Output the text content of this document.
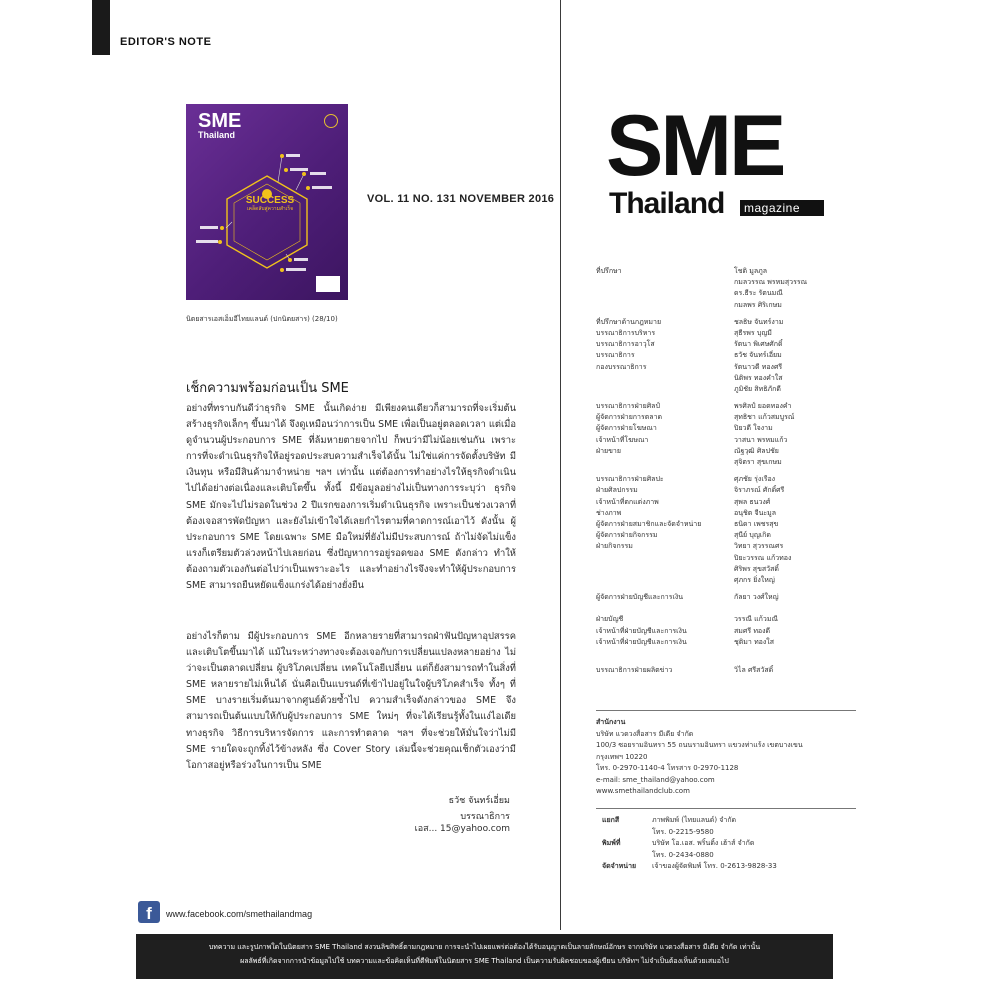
EDITOR'S NOTE
SME
Thailand
SUCCESS
เคล็ดลับสู่ความสำเร็จ
นิตยสารเอสเอ็มอีไทยแลนด์ (ปกนิตยสาร) (28/10)
VOL. 11 NO. 131 NOVEMBER 2016
เช็กความพร้อมก่อนเป็น SME
อย่างที่ทราบกันดีว่าธุรกิจ SME นั้นเกิดง่าย มีเพียงคนเดียวก็สามารถที่จะเริ่มต้นสร้างธุรกิจเล็กๆ ขึ้นมาได้ จึงดูเหมือนว่าการเป็น SME เพื่อเป็นอยู่ตลอดเวลา แต่เมื่อดูจำนวนผู้ประกอบการ SME ที่ล้มหายตายจากไป ก็พบว่ามีไม่น้อยเช่นกัน เพราะการที่จะดำเนินธุรกิจให้อยู่รอดประสบความสำเร็จได้นั้น ไม่ใช่แค่การจัดตั้งบริษัท มีเงินทุน หรือมีสินค้ามาจำหน่าย ฯลฯ เท่านั้น แต่ต้องการทำอย่างไรให้ธุรกิจดำเนินไปได้อย่างต่อเนื่องและเติบโตขึ้น ทั้งนี้ มีข้อมูลอย่างไม่เป็นทางการระบุว่า ธุรกิจ SME มักจะไปไม่รอดในช่วง 2 ปีแรกของการเริ่มดำเนินธุรกิจ เพราะเป็นช่วงเวลาที่ต้องเจอสารพัดปัญหา และยังไม่เข้าใจได้เลยกำไรตามที่คาดการณ์เอาไว้ ดังนั้น ผู้ประกอบการ SME โดยเฉพาะ SME มือใหม่ที่ยังไม่มีประสบการณ์ ถ้าไม่จัดไม่แข็งแรงก็เตรียมตัวล่วงหน้าไปเลยก่อน ซึ่งปัญหาการอยู่รอดของ SME ดังกล่าว ทำให้ต้องถามตัวเองกันต่อไปว่าเป็นเพราะอะไร และทำอย่างไรจึงจะทำให้ผู้ประกอบการ SME สามารถยืนหยัดแข็งแกร่งได้อย่างยั่งยืน
อย่างไรก็ตาม มีผู้ประกอบการ SME อีกหลายรายที่สามารถฝ่าฟันปัญหาอุปสรรคและเติบโตขึ้นมาได้ แม้ในระหว่างทางจะต้องเจอกับการเปลี่ยนแปลงหลายอย่าง ไม่ว่าจะเป็นตลาดเปลี่ยน ผู้บริโภคเปลี่ยน เทคโนโลยีเปลี่ยน แต่ก็ยังสามารถทำในสิ่งที่ SME หลายรายไม่เห็นได้ นั่นคือเป็นแบรนด์ที่เข้าไปอยู่ในใจผู้บริโภคสำเร็จ ทั้งๆ ที่ SME บางรายเริ่มต้นมาจากศูนย์ด้วยซ้ำไป ความสำเร็จดังกล่าวของ SME จึงสามารถเป็นต้นแบบให้กับผู้ประกอบการ SME ใหม่ๆ ที่จะได้เรียนรู้ทั้งในแง่ไอเดียทางธุรกิจ วิธีการบริหารจัดการ และการทำตลาด ฯลฯ ที่จะช่วยให้มั่นใจว่าไม่มี SME รายใดจะถูกทิ้งไว้ข้างหลัง ซึ่ง Cover Story เล่มนี้จะช่วยคุณเช็กตัวเองว่ามีโอกาสอยู่หรือร่วงในการเป็น SME
ธวัช จันทร์เอี่ยม
บรรณาธิการ
เอส... 15@yahoo.com
f	www.facebook.com/smethailandmag
SME
Thailand	magazine
ที่ปรึกษา	โชติ มูลภูล
กมลวรรณ พรหมสุวรรณ
ดร.ธีระ รัตนมณี
กมลพร ศิริเกษม
ที่ปรึกษาด้านกฎหมาย	ชลธิษ จันทร์งาม
บรรณาธิการบริหาร	สุธีรพร บุญมี
บรรณาธิการอาวุโส	รัตนา พิเศษศักดิ์
บรรณาธิการ	ธวัช จันทร์เอี่ยม
กองบรรณาธิการ	รัตนาวดี ทองศรี
นิติพร ทองคำใส
ภูมิชัย สิทธิภักดี
บรรณาธิการฝ่ายศิลป์	พรศิลป์ ยอดทองคำ
ผู้จัดการฝ่ายการตลาด	สุทธิชา แก้วสมบูรณ์
ผู้จัดการฝ่ายโฆษณา	ปิยวดี ใจงาม
เจ้าหน้าที่โฆษณา	วาสนา พรหมแก้ว
ฝ่ายขาย	ณัฐวุฒิ ศิลปชัย
สุจิตรา สุขเกษม
บรรณาธิการฝ่ายศิลปะ	ศุภชัย รุ่งเรือง
ฝ่ายศิลปกรรม	จิราภรณ์ ศักดิ์ศรี
เจ้าหน้าที่ตกแต่งภาพ	สุพล ธนวงศ์
ช่างภาพ	อนุชิต จีนะมูล
ผู้จัดการฝ่ายสมาชิกและจัดจำหน่าย	ธนิดา เพชรสุข
ผู้จัดการฝ่ายกิจกรรม	สุนีย์ บุญเกิด
ฝ่ายกิจกรรม	วิทยา สุวรรณศร
ปิยะวรรณ แก้วทอง
ศิริพร สุขสวัสดิ์
ศุภกร ยิ่งใหญ่
ผู้จัดการฝ่ายบัญชีและการเงิน	กัลยา วงศ์ใหญ่
ฝ่ายบัญชี	วรรณี แก้วมณี
เจ้าหน้าที่ฝ่ายบัญชีและการเงิน	สมศรี ทองดี
เจ้าหน้าที่ฝ่ายบัญชีและการเงิน	ชุติมา ทองใส
บรรณาธิการฝ่ายผลิตข่าว	วิไล ศรีสวัสดิ์
สำนักงาน
บริษัท แวดวงสื่อสาร มีเดีย จำกัด
100/3 ซอยรามอินทรา 55 ถนนรามอินทรา แขวงท่าแร้ง เขตบางเขน
กรุงเทพฯ 10220
โทร. 0-2970-1140-4 โทรสาร 0-2970-1128
e-mail: sme_thailand@yahoo.com
www.smethailandclub.com
แยกสี	ภาพพิมพ์ (ไทยแลนด์) จำกัด
โทร. 0-2215-9580
พิมพ์ที่	บริษัท โอ.เอส. พริ้นติ้ง เฮ้าส์ จำกัด
โทร. 0-2434-0880
จัดจำหน่าย	เจ้าของผู้จัดพิมพ์ โทร. 0-2613-9828-33
บทความ และรูปภาพใดในนิตยสาร SME Thailand สงวนลิขสิทธิ์ตามกฎหมาย การจะนำไปเผยแพร่ต่อต้องได้รับอนุญาตเป็นลายลักษณ์อักษร จากบริษัท แวดวงสื่อสาร มีเดีย จำกัด เท่านั้น
ผลลัพธ์ที่เกิดจากการนำข้อมูลไปใช้ บทความและข้อคิดเห็นที่ตีพิมพ์ในนิตยสาร SME Thailand เป็นความรับผิดชอบของผู้เขียน บริษัทฯ ไม่จำเป็นต้องเห็นด้วยเสมอไป
